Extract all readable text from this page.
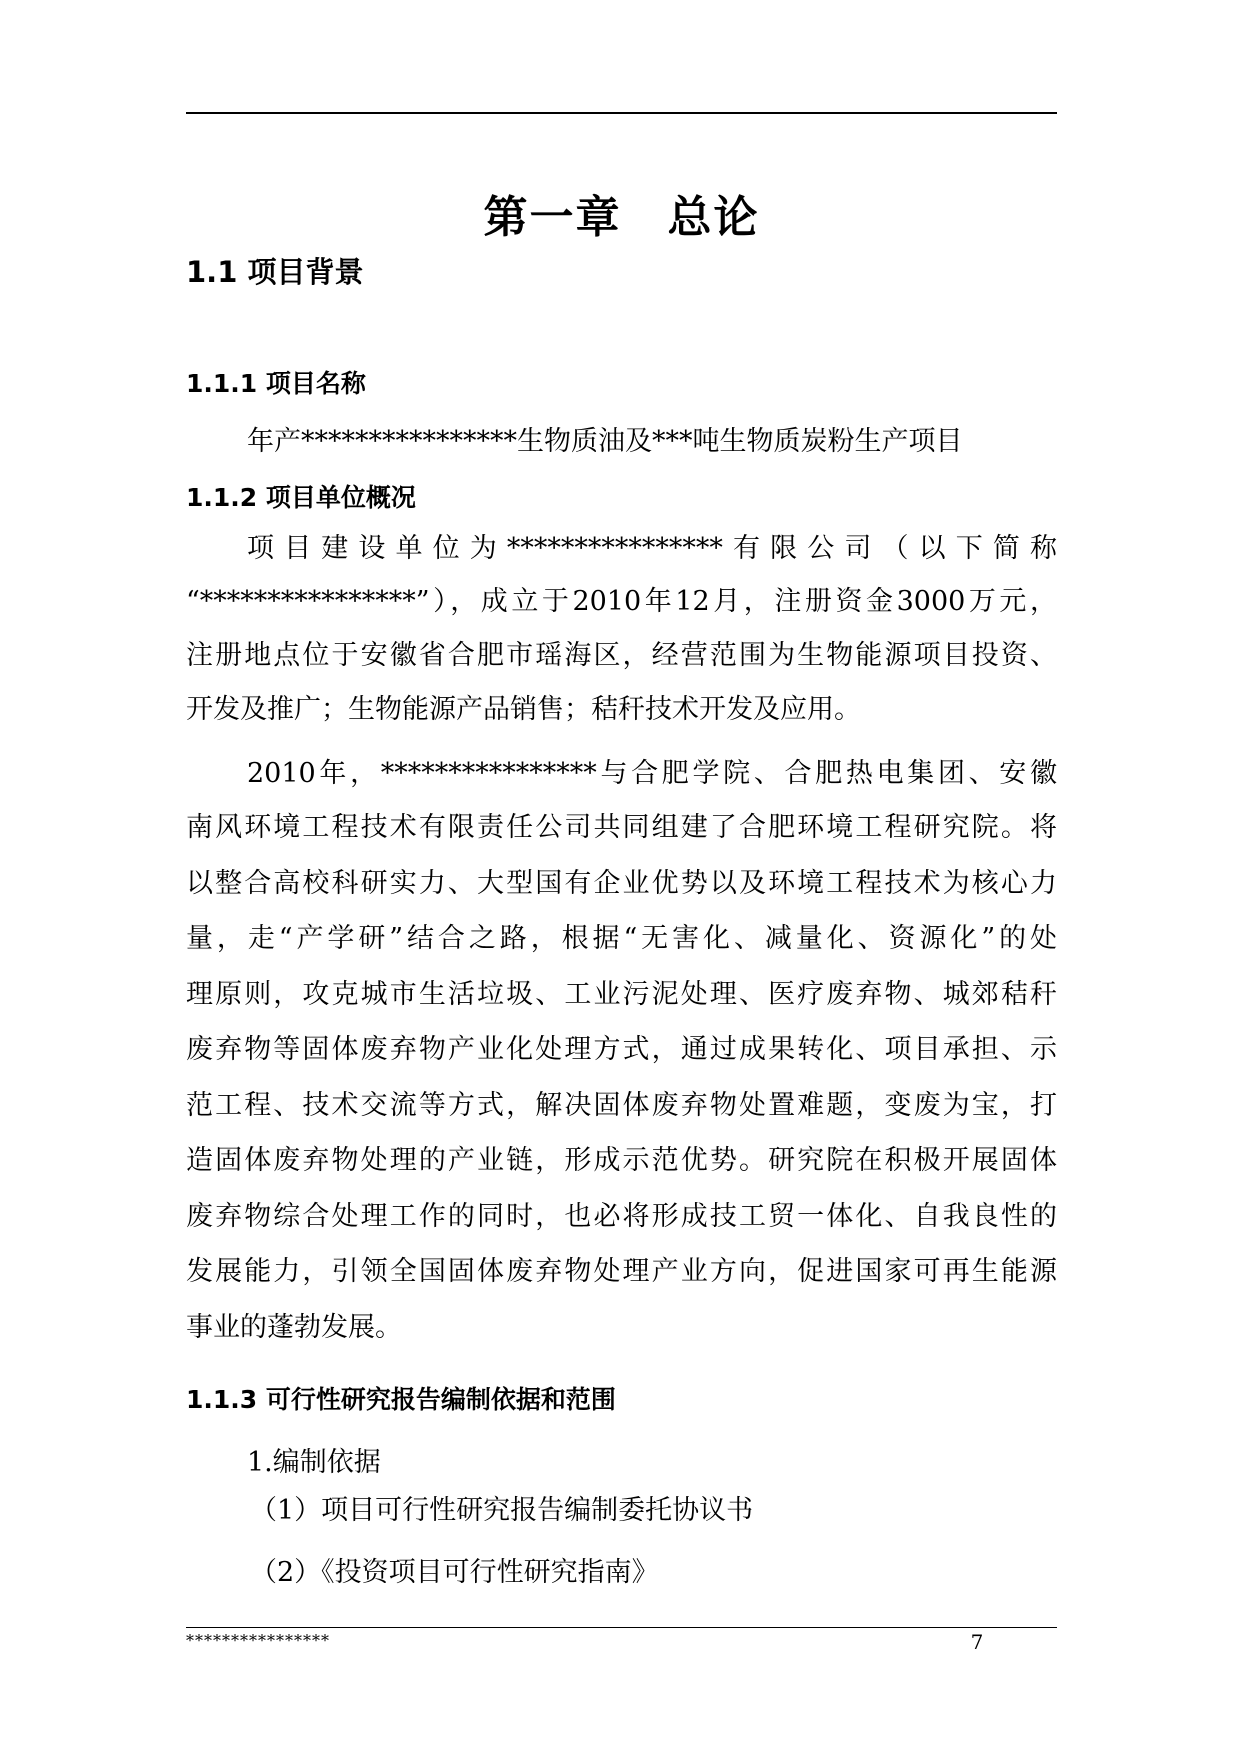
第一章　总论
1.1 项目背景
1.1.1 项目名称
年产****************生物质油及***吨生物质炭粉生产项目
1.1.2 项目单位概况
项目建设单位为****************有限公司（以下简称
“****************”），成立于2010年12月，注册资金3000万元，
注册地点位于安徽省合肥市瑶海区，经营范围为生物能源项目投资、
开发及推广；生物能源产品销售；秸秆技术开发及应用。
2010年，****************与合肥学院、合肥热电集团、安徽
南风环境工程技术有限责任公司共同组建了合肥环境工程研究院。将
以整合高校科研实力、大型国有企业优势以及环境工程技术为核心力
量，走“产学研”结合之路，根据“无害化、减量化、资源化”的处
理原则，攻克城市生活垃圾、工业污泥处理、医疗废弃物、城郊秸秆
废弃物等固体废弃物产业化处理方式，通过成果转化、项目承担、示
范工程、技术交流等方式，解决固体废弃物处置难题，变废为宝，打
造固体废弃物处理的产业链，形成示范优势。研究院在积极开展固体
废弃物综合处理工作的同时，也必将形成技工贸一体化、自我良性的
发展能力，引领全国固体废弃物处理产业方向，促进国家可再生能源
事业的蓬勃发展。
1.1.3 可行性研究报告编制依据和范围
1.编制依据
（1）项目可行性研究报告编制委托协议书
（2）《投资项目可行性研究指南》
****************	7
